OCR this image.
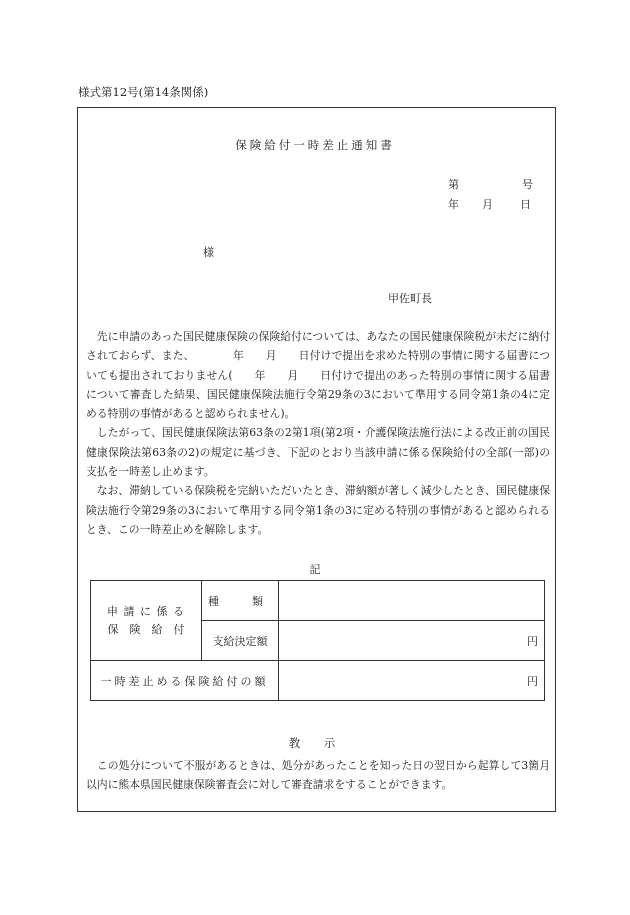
様式第12号(第14条関係)
保険給付一時差止通知書
第	号
年 月 日
様
甲佐町長

先に申請のあった国民健康保険の保険給付については、あなたの国民健康保険税が未だに納付されておらず、また、　　　　年　　月　　日付けで提出を求めた特別の事情に関する届書についても提出されておりません(　　年　　月　　日付けで提出のあった特別の事情に関する届書について審査した結果、国民健康保険法施行令第29条の3において準用する同令第1条の4に定める特別の事情があると認められません)。

したがって、国民健康保険法第63条の2第1項(第2項・介護保険法施行法による改正前の国民健康保険法第63条の2)の規定に基づき、下記のとおり当該申請に係る保険給付の全部(一部)の支払を一時差し止めます。

なお、滞納している保険税を完納いただいたとき、滞納額が著しく減少したとき、国民健康保険法施行令第29条の3において準用する同令第1条の3に定める特別の事情があると認められるとき、この一時差止めを解除します。

記
申 請 に 係 る
保　険　給　付	種　　　類	
	支給決定額	円
一時差止める保険給付の額		円
教　示

この処分について不服があるときは、処分があったことを知った日の翌日から起算して3箇月以内に熊本県国民健康保険審査会に対して審査請求をすることができます。
